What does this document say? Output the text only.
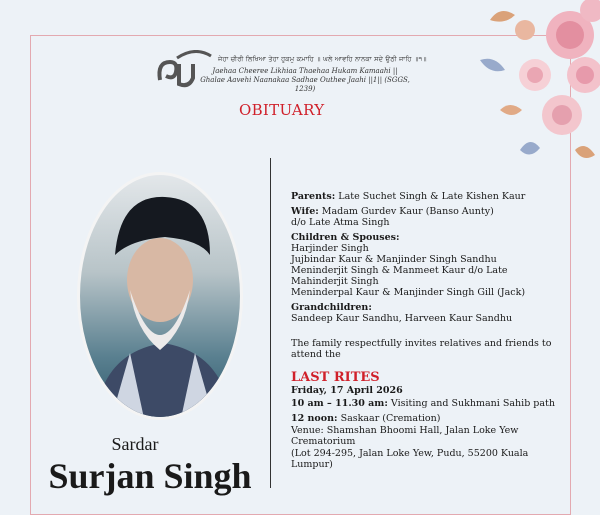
ਜੇਹਾ ਚੀਰੀ ਲਿਖਿਆ ਤੇਹਾ ਹੁਕਮੁ ਕਮਾਹਿ ॥ ਘਲੇ ਆਵਹਿ ਨਾਨਕਾ ਸਦੇ ਉਠੀ ਜਾਹਿ ॥੧॥
Jaehaa Cheeree Likhiaa Thaehaa Hukam Kamaahi ||
Ghalae Aavehi Naanakaa Sadhae Outhee Jaahi ||1|| (SGGS, 1239)
OBITUARY
Sardar
Surjan Singh

Parents: Late Suchet Singh & Late Kishen Kaur

Wife: Madam Gurdev Kaur (Banso Aunty)
d/o Late Atma Singh

Children & Spouses:
Harjinder Singh
Jujbindar Kaur & Manjinder Singh Sandhu
Meninderjit Singh & Manmeet Kaur d/o Late Mahinderjit Singh
Meninderpal Kaur & Manjinder Singh Gill (Jack)

Grandchildren:
Sandeep Kaur Sandhu, Harveen Kaur Sandhu

The family respectfully invites relatives and friends to attend the

LAST RITES

Friday, 17 April 2026

10 am – 11.30 am: Visiting and Sukhmani Sahib path

12 noon: Saskaar (Cremation)

Venue: Shamshan Bhoomi Hall, Jalan Loke Yew Crematorium

(Lot 294-295, Jalan Loke Yew, Pudu, 55200 Kuala Lumpur)
